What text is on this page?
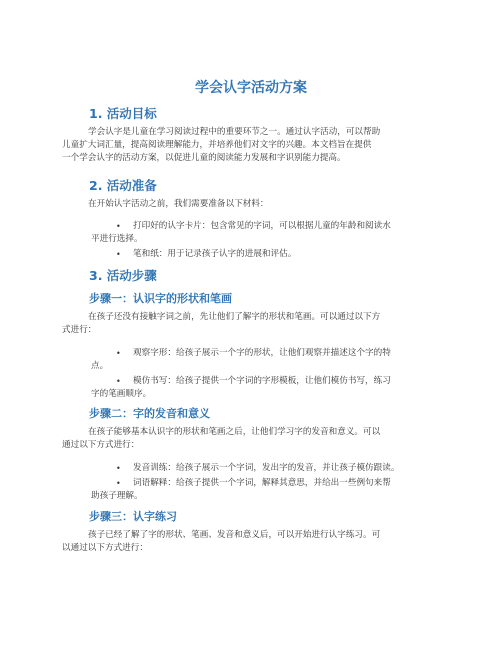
学会认字活动方案
1. 活动目标
学会认字是儿童在学习阅读过程中的重要环节之一。通过认字活动，可以帮助
儿童扩大词汇量，提高阅读理解能力，并培养他们对文字的兴趣。本文档旨在提供
一个学会认字的活动方案，以促进儿童的阅读能力发展和字识别能力提高。
2. 活动准备
在开始认字活动之前，我们需要准备以下材料：
•	打印好的认字卡片：包含常见的字词，可以根据儿童的年龄和阅读水
平进行选择。
•	笔和纸：用于记录孩子认字的进展和评估。
3. 活动步骤
步骤一：认识字的形状和笔画
在孩子还没有接触字词之前，先让他们了解字的形状和笔画。可以通过以下方
式进行：
•	观察字形：给孩子展示一个字的形状，让他们观察并描述这个字的特
点。
•	模仿书写：给孩子提供一个字词的字形模板，让他们模仿书写，练习
字的笔画顺序。
步骤二：字的发音和意义
在孩子能够基本认识字的形状和笔画之后，让他们学习字的发音和意义。可以
通过以下方式进行：
•	发音训练：给孩子展示一个字词，发出字的发音，并让孩子模仿跟读。
•	词语解释：给孩子提供一个字词，解释其意思，并给出一些例句来帮
助孩子理解。
步骤三：认字练习
孩子已经了解了字的形状、笔画、发音和意义后，可以开始进行认字练习。可
以通过以下方式进行：
